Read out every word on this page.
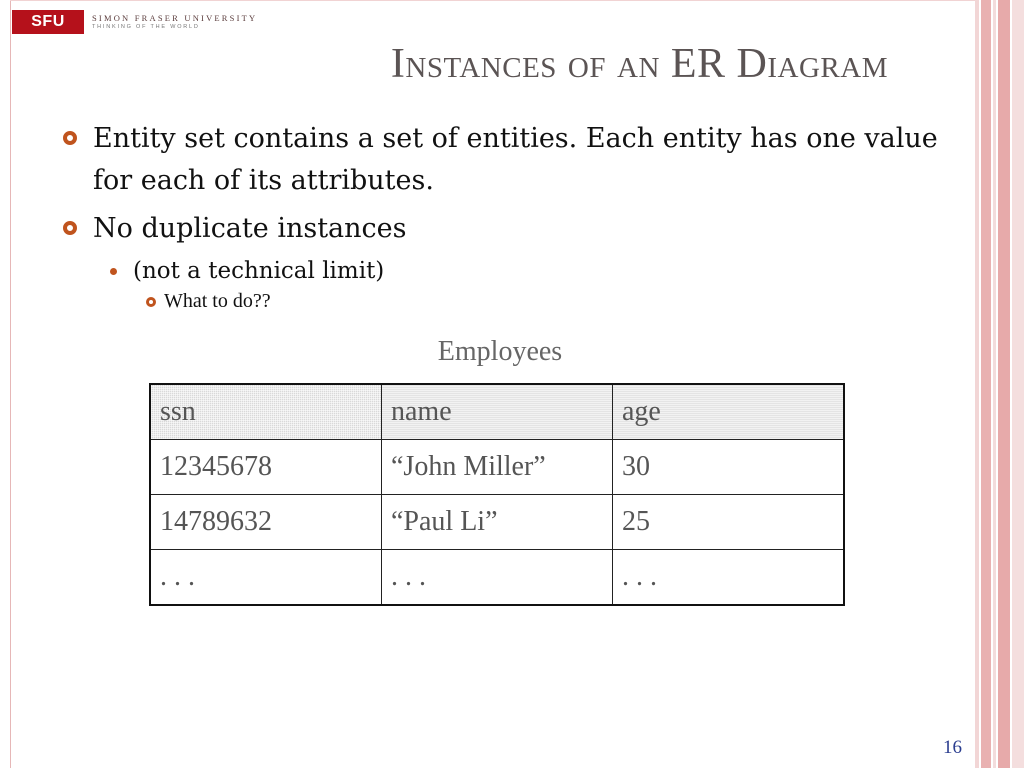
SFU	SIMON FRASER UNIVERSITY
THINKING OF THE WORLD
Instances of an ER Diagram
Entity set contains a set of entities. Each entity has one value for each of its attributes.
No duplicate instances
(not a technical limit)
What to do??
Employees
ssn	name	age
12345678	“John Miller”	30
14789632	“Paul Li”	25
. . .	. . .	. . .
16
